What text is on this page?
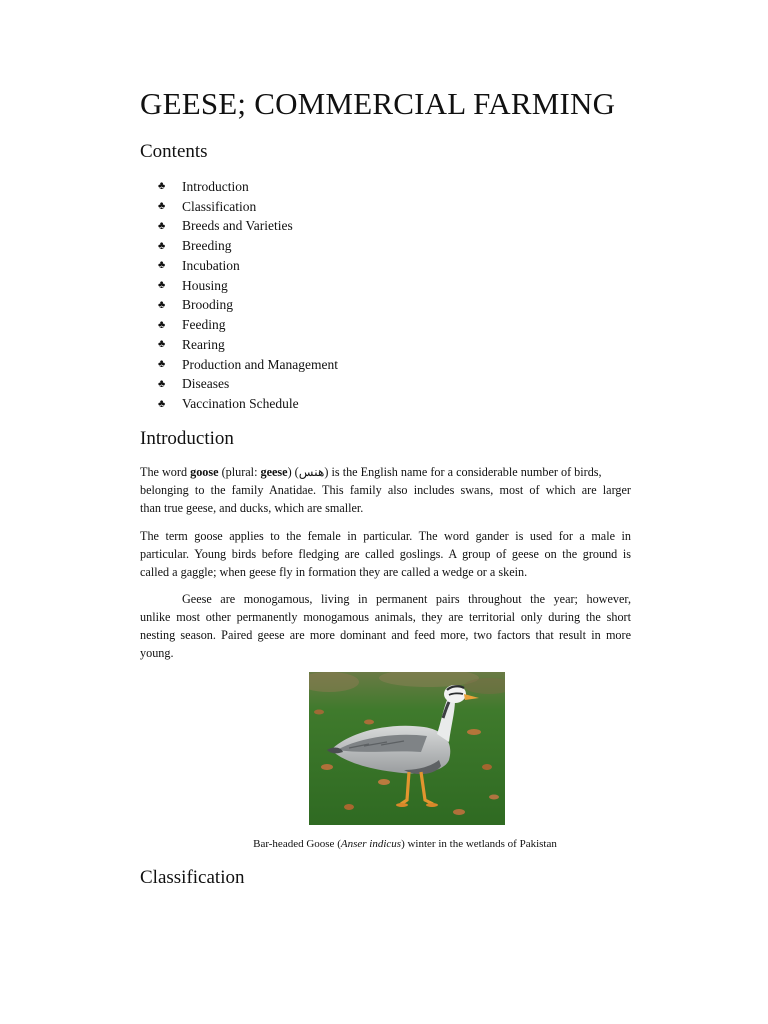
GEESE; COMMERCIAL FARMING
Contents
♣	Introduction
♣	Classification
♣	Breeds and Varieties
♣	Breeding
♣	Incubation
♣	Housing
♣	Brooding
♣	Feeding
♣	Rearing
♣	Production and Management
♣	Diseases
♣	Vaccination Schedule
Introduction
The word goose (plural: geese) (هنس) is the English name for a considerable number of birds,
belonging to the family Anatidae. This family also includes swans, most of which are larger
than true geese, and ducks, which are smaller.
The term goose applies to the female in particular. The word gander is used for a male in
particular. Young birds before fledging are called goslings. A group of geese on the ground is
called a gaggle; when geese fly in formation they are called a wedge or a skein.
Geese are monogamous, living in permanent pairs throughout the year; however,
unlike most other permanently monogamous animals, they are territorial only during the short
nesting season. Paired geese are more dominant and feed more, two factors that result in more
young.

Bar-headed Goose (Anser indicus) winter in the wetlands of Pakistan

Classification
